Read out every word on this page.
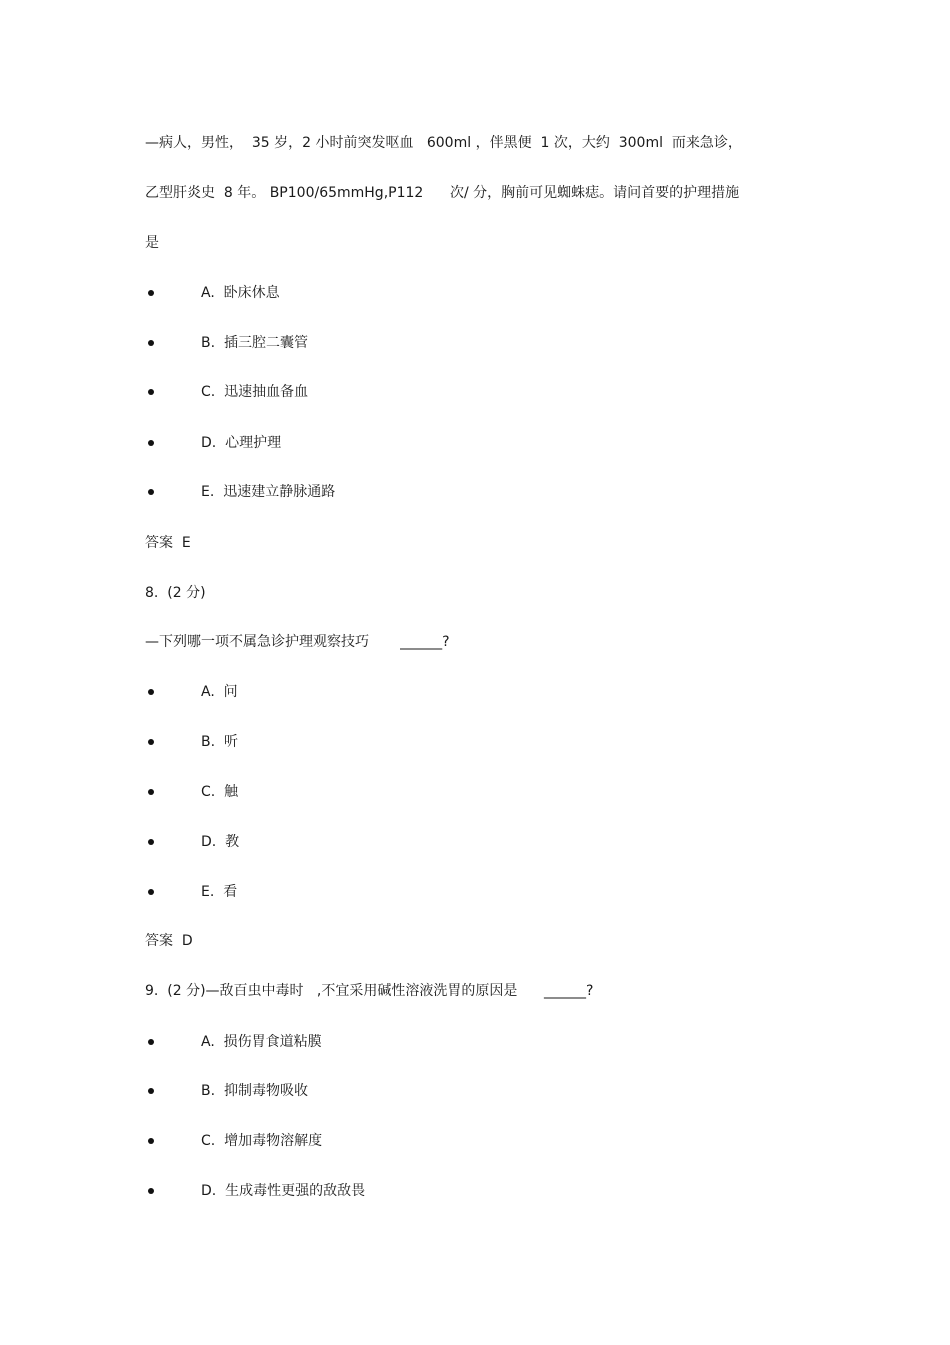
—病人，男性，  35 岁，2 小时前突发呕血   600ml ，伴黑便  1 次，大约  300ml  而来急诊，
乙型肝炎史  8 年。 BP100/65mmHg,P112      次/ 分，胸前可见蜘蛛痣。请问首要的护理措施
是
A.  卧床休息
B.  插三腔二囊管
C.  迅速抽血备血
D.  心理护理
E.  迅速建立静脉通路
答案  E
8.  (2 分)
—下列哪一项不属急诊护理观察技巧       ______?
A.  问
B.  听
C.  触
D.  教
E.  看
答案  D
9.  (2 分)—敌百虫中毒时   ,不宜采用碱性溶液洗胃的原因是      ______?
A.  损伤胃食道粘膜
B.  抑制毒物吸收
C.  增加毒物溶解度
D.  生成毒性更强的敌敌畏
